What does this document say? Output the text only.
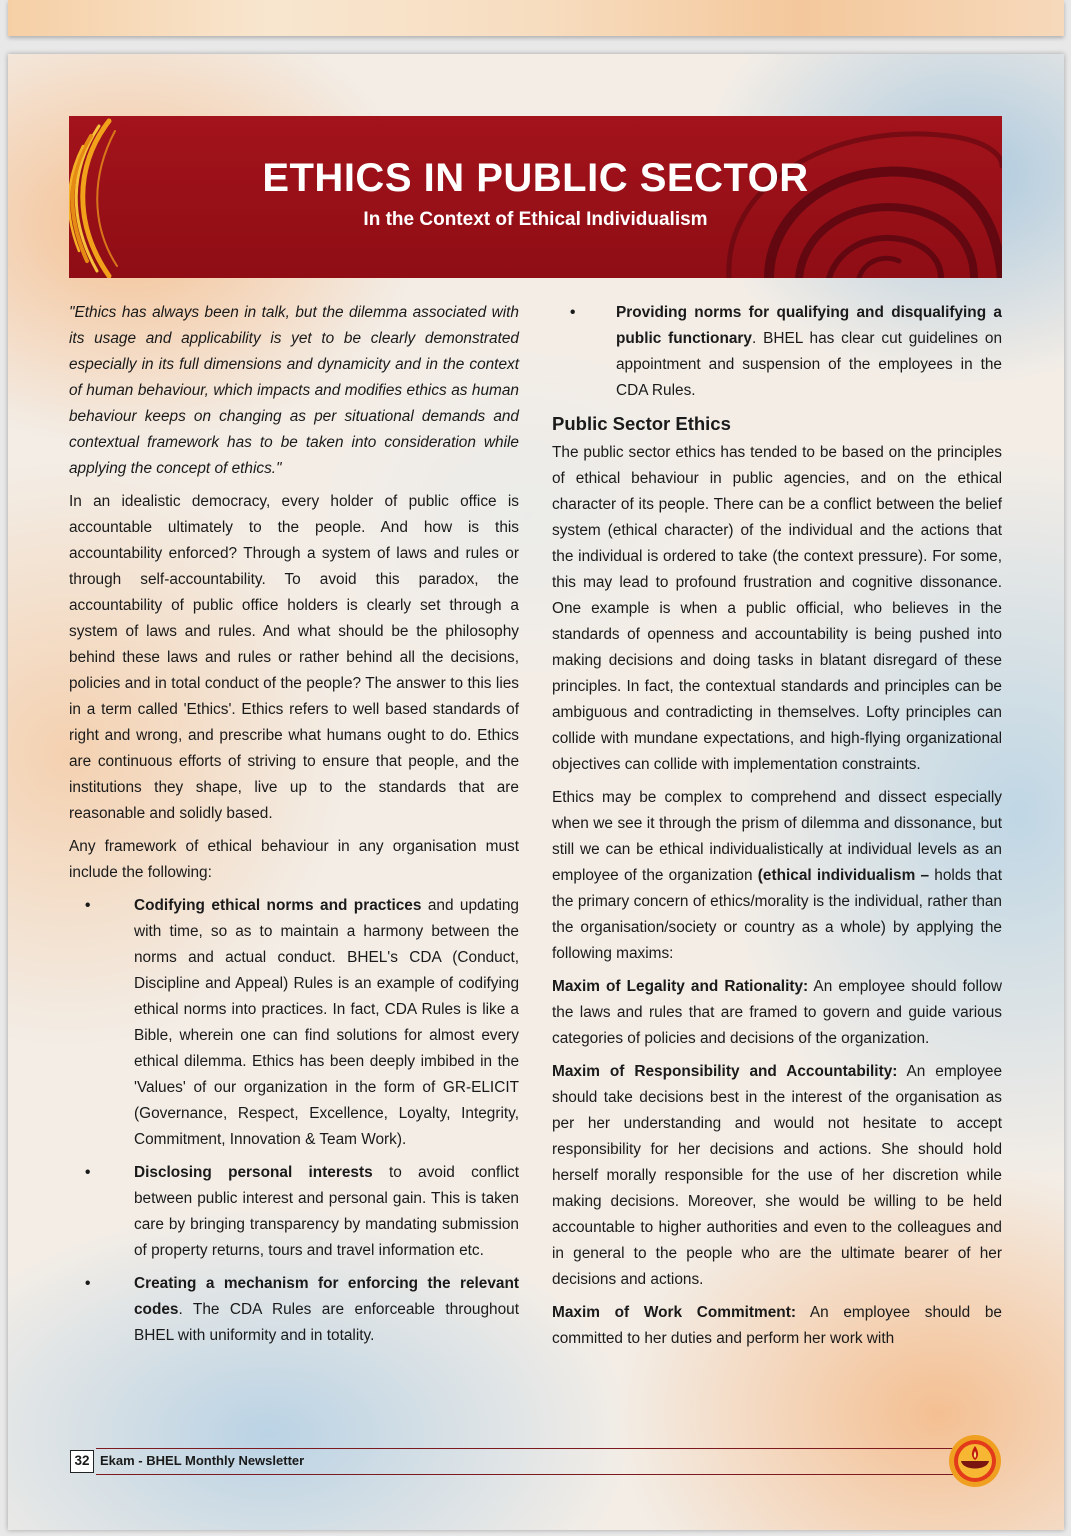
ETHICS IN PUBLIC SECTOR
In the Context of Ethical Individualism

"Ethics has always been in talk, but the dilemma associated with its usage and applicability is yet to be clearly demonstrated especially in its full dimensions and dynamicity and in the context of human behaviour, which impacts and modifies ethics as human behaviour keeps on changing as per situational demands and contextual framework has to be taken into consideration while applying the concept of ethics."

In an idealistic democracy, every holder of public office is accountable ultimately to the people. And how is this accountability enforced? Through a system of laws and rules or through self-accountability. To avoid this paradox, the accountability of public office holders is clearly set through a system of laws and rules. And what should be the philosophy behind these laws and rules or rather behind all the decisions, policies and in total conduct of the people? The answer to this lies in a term called 'Ethics'. Ethics refers to well based standards of right and wrong, and prescribe what humans ought to do. Ethics are continuous efforts of striving to ensure that people, and the institutions they shape, live up to the standards that are reasonable and solidly based.

Any framework of ethical behaviour in any organisation must include the following:

•	Codifying ethical norms and practices and updating with time, so as to maintain a harmony between the norms and actual conduct. BHEL's CDA (Conduct, Discipline and Appeal) Rules is an example of codifying ethical norms into practices. In fact, CDA Rules is like a Bible, wherein one can find solutions for almost every ethical dilemma. Ethics has been deeply imbibed in the 'Values' of our organization in the form of GR-ELICIT (Governance, Respect, Excellence, Loyalty, Integrity, Commitment, Innovation & Team Work).
•	Disclosing personal interests to avoid conflict between public interest and personal gain. This is taken care by bringing transparency by mandating submission of property returns, tours and travel information etc.
•	Creating a mechanism for enforcing the relevant codes. The CDA Rules are enforceable throughout BHEL with uniformity and in totality.
•	Providing norms for qualifying and disqualifying a public functionary. BHEL has clear cut guidelines on appointment and suspension of the employees in the CDA Rules.
Public Sector Ethics

The public sector ethics has tended to be based on the principles of ethical behaviour in public agencies, and on the ethical character of its people. There can be a conflict between the belief system (ethical character) of the individual and the actions that the individual is ordered to take (the context pressure). For some, this may lead to profound frustration and cognitive dissonance. One example is when a public official, who believes in the standards of openness and accountability is being pushed into making decisions and doing tasks in blatant disregard of these principles. In fact, the contextual standards and principles can be ambiguous and contradicting in themselves. Lofty principles can collide with mundane expectations, and high-flying organizational objectives can collide with implementation constraints.

Ethics may be complex to comprehend and dissect especially when we see it through the prism of dilemma and dissonance, but still we can be ethical individualistically at individual levels as an employee of the organization (ethical individualism – holds that the primary concern of ethics/morality is the individual, rather than the organisation/society or country as a whole) by applying the following maxims:

Maxim of Legality and Rationality: An employee should follow the laws and rules that are framed to govern and guide various categories of policies and decisions of the organization.

Maxim of Responsibility and Accountability: An employee should take decisions best in the interest of the organisation as per her understanding and would not hesitate to accept responsibility for her decisions and actions. She should hold herself morally responsible for the use of her discretion while making decisions. Moreover, she would be willing to be held accountable to higher authorities and even to the colleagues and in general to the people who are the ultimate bearer of her decisions and actions.

Maxim of Work Commitment: An employee should be committed to her duties and perform her work with

32 Ekam - BHEL Monthly Newsletter
